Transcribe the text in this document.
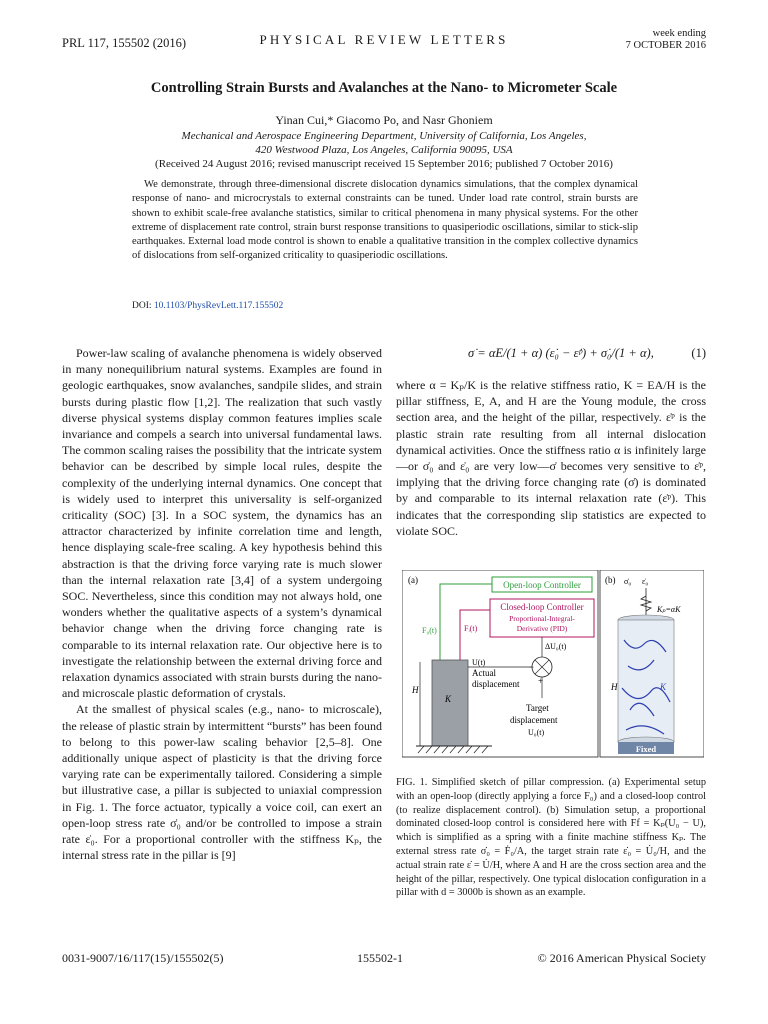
PRL 117, 155502 (2016)	PHYSICAL REVIEW LETTERS	week ending
7 OCTOBER 2016
Controlling Strain Bursts and Avalanches at the Nano- to Micrometer Scale
Yinan Cui,* Giacomo Po, and Nasr Ghoniem
Mechanical and Aerospace Engineering Department, University of California, Los Angeles,
420 Westwood Plaza, Los Angeles, California 90095, USA
(Received 24 August 2016; revised manuscript received 15 September 2016; published 7 October 2016)
We demonstrate, through three-dimensional discrete dislocation dynamics simulations, that the complex dynamical response of nano- and microcrystals to external constraints can be tuned. Under load rate control, strain bursts are shown to exhibit scale-free avalanche statistics, similar to critical phenomena in many physical systems. For the other extreme of displacement rate control, strain burst response transitions to quasiperiodic oscillations, similar to stick-slip earthquakes. External load mode control is shown to enable a qualitative transition in the complex collective dynamics of dislocations from self-organized criticality to quasiperiodic oscillations.
DOI: 10.1103/PhysRevLett.117.155502

Power-law scaling of avalanche phenomena is widely observed in many nonequilibrium natural systems. Examples are found in geologic earthquakes, snow avalanches, sandpile slides, and strain bursts during plastic flow [1,2]. The realization that such vastly diverse physical systems display common features implies scale invariance and compels a search into universal fundamental laws. The common scaling raises the possibility that the intricate system behavior can be described by simple local rules, despite the complexity of the underlying internal dynamics. One concept that is widely used to interpret this universality is self-organized criticality (SOC) [3]. In a SOC system, the dynamics has an attractor characterized by infinite correlation time and length, hence displaying scale-free scaling. A key hypothesis behind this abstraction is that the driving force varying rate is much slower than the internal relaxation rate [3,4] of a system undergoing SOC. Nevertheless, since this condition may not always hold, one wonders whether the qualitative aspects of a system’s dynamical behavior change when the driving force changing rate is comparable to its internal relaxation rate. Our objective here is to investigate the relationship between the external driving force and relaxation dynamics associated with strain bursts during the nano- and microscale plastic deformation of crystals.

At the smallest of physical scales (e.g., nano- to microscale), the release of plastic strain by intermittent “bursts” has been found to belong to this power-law scaling behavior [2,5–8]. One additionally unique aspect of plasticity is that the driving force varying rate can be experimentally tailored. Considering a simple but illustrative case, a pillar is subjected to uniaxial compression in Fig. 1. The force actuator, typically a voice coil, can exert an open-loop stress rate σ̇₀ and/or be controlled to impose a strain rate ε̇₀. For a proportional controller with the stiffness Kₚ, the internal stress rate in the pillar is [9]

σ̇ = αE/(1 + α) (ε̇₀ − ε̇ᵖ) + σ̇₀/(1 + α),	(1)

where α = Kₚ/K is the relative stiffness ratio, K = EA/H is the pillar stiffness, E, A, and H are the Young module, the cross section area, and the height of the pillar, respectively. ε̇ᵖ is the plastic strain rate resulting from all internal dislocation dynamical activities. Once the stiffness ratio α is infinitely large—or σ̇₀ and ε̇₀ are very low—σ̇ becomes very sensitive to ε̇ᵖ, implying that the driving force changing rate (σ̇) is dominated by and comparable to its internal relaxation rate (ε̇ᵖ). This indicates that the corresponding slip statistics are expected to violate SOC.

(a)	Open-loop Controller
Closed-loop Controller
Proportional-Integral-
Derivative (PID)
F₀(t)	Fᵢ(t)
H
K
−
+
ΔU₀(t)
U(t)
Actual
displacement
Target
displacement
U₀(t)
(b) σ̇₀ ε̇₀
Kₚ=αK
H	K
Fixed
FIG. 1. Simplified sketch of pillar compression. (a) Experimental setup with an open-loop (directly applying a force F₀) and a closed-loop control (to realize displacement control). (b) Simulation setup, a proportional dominated closed-loop control is considered here with Ff = Kₚ(U₀ − U), which is simplified as a spring with a finite machine stiffness Kₚ. The external stress rate σ̇₀ = Ḟ₀/A, the target strain rate ε̇₀ = U̇₀/H, and the actual strain rate ε̇ = U̇/H, where A and H are the cross section area and the height of the pillar, respectively. One typical dislocation configuration in a pillar with d = 3000b is shown as an example.
0031-9007/16/117(15)/155502(5)	155502-1	© 2016 American Physical Society
